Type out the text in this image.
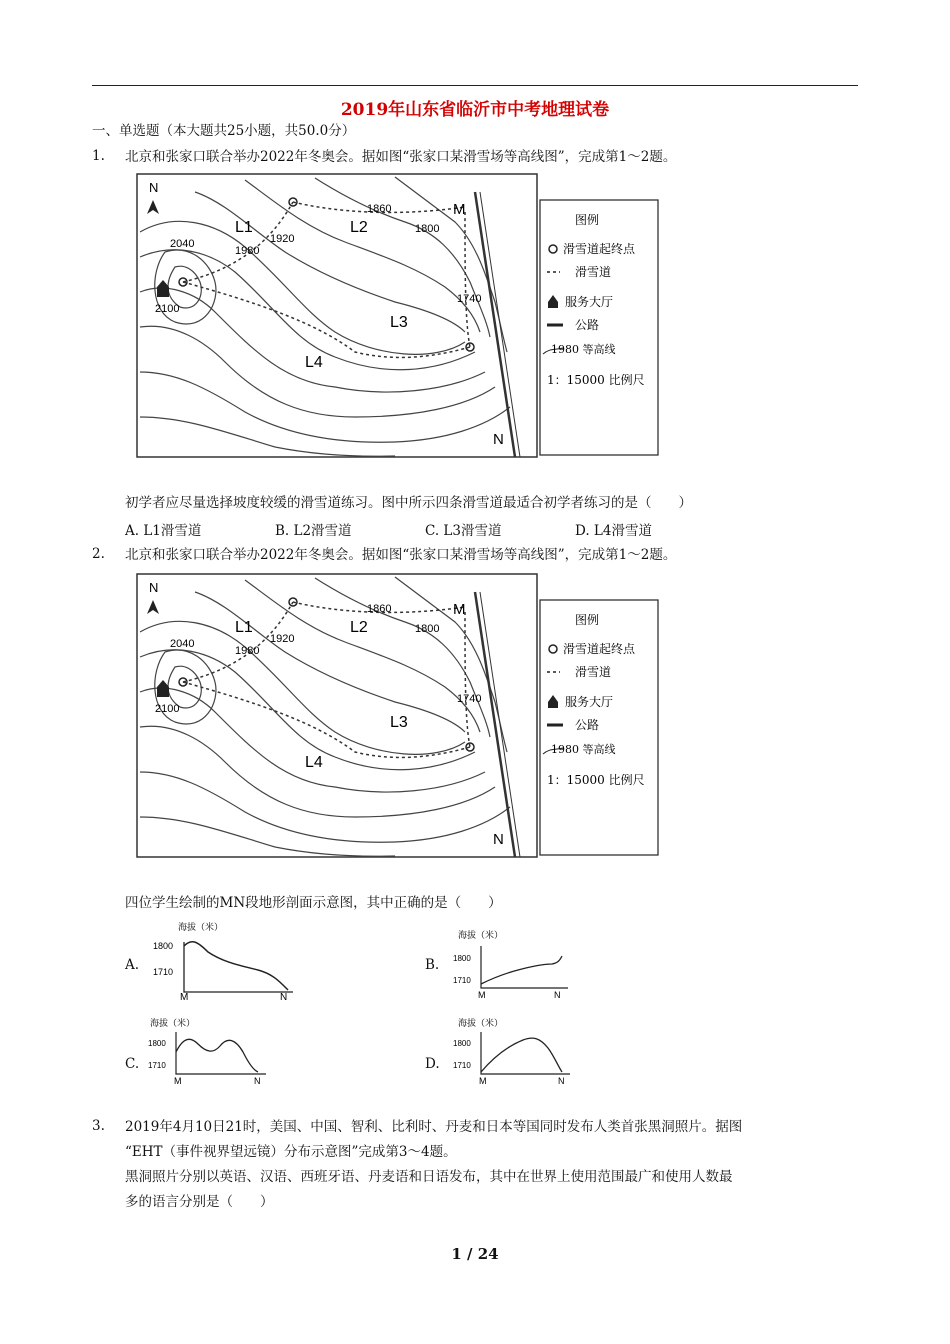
2019年山东省临沂市中考地理试卷
一、单选题（本大题共25小题，共50.0分）
1. 北京和张家口联合举办2022年冬奥会。据如图“张家口某滑雪场等高线图”，完成第1～2题。
N
L1	L2
L3
L4
M
N
2040
1980
1920
1860
1800
1740
2100
图例
滑雪道起终点
滑雪道
服务大厅
公路
1980 等高线
1：15000 比例尺
初学者应尽量选择坡度较缓的滑雪道练习。图中所示四条滑雪道最适合初学者练习的是（　　）
A. L1滑雪道	B. L2滑雪道	C. L3滑雪道	D. L4滑雪道
2. 北京和张家口联合举办2022年冬奥会。据如图“张家口某滑雪场等高线图”，完成第1～2题。
N
L1	L2
L3
L4
M
N
2040
1980
1920
1860
1800
1740
2100
图例
滑雪道起终点
滑雪道
服务大厅
公路
1980 等高线
1：15000 比例尺
四位学生绘制的MN段地形剖面示意图，其中正确的是（　　）
A.
海拔（米）
1800
1710
M	N
B.
海拔（米）
1800
1710
M	N
C.
海拔（米）
1800
1710
M	N
D.
海拔（米）
1800
1710
M	N
3. 2019年4月10日21时，美国、中国、智利、比利时、丹麦和日本等国同时发布人类首张黑洞照片。据图
“EHT（事件视界望远镜）分布示意图”完成第3～4题。
黑洞照片分别以英语、汉语、西班牙语、丹麦语和日语发布，其中在世界上使用范围最广和使用人数最
多的语言分别是（　　）
1 / 24
